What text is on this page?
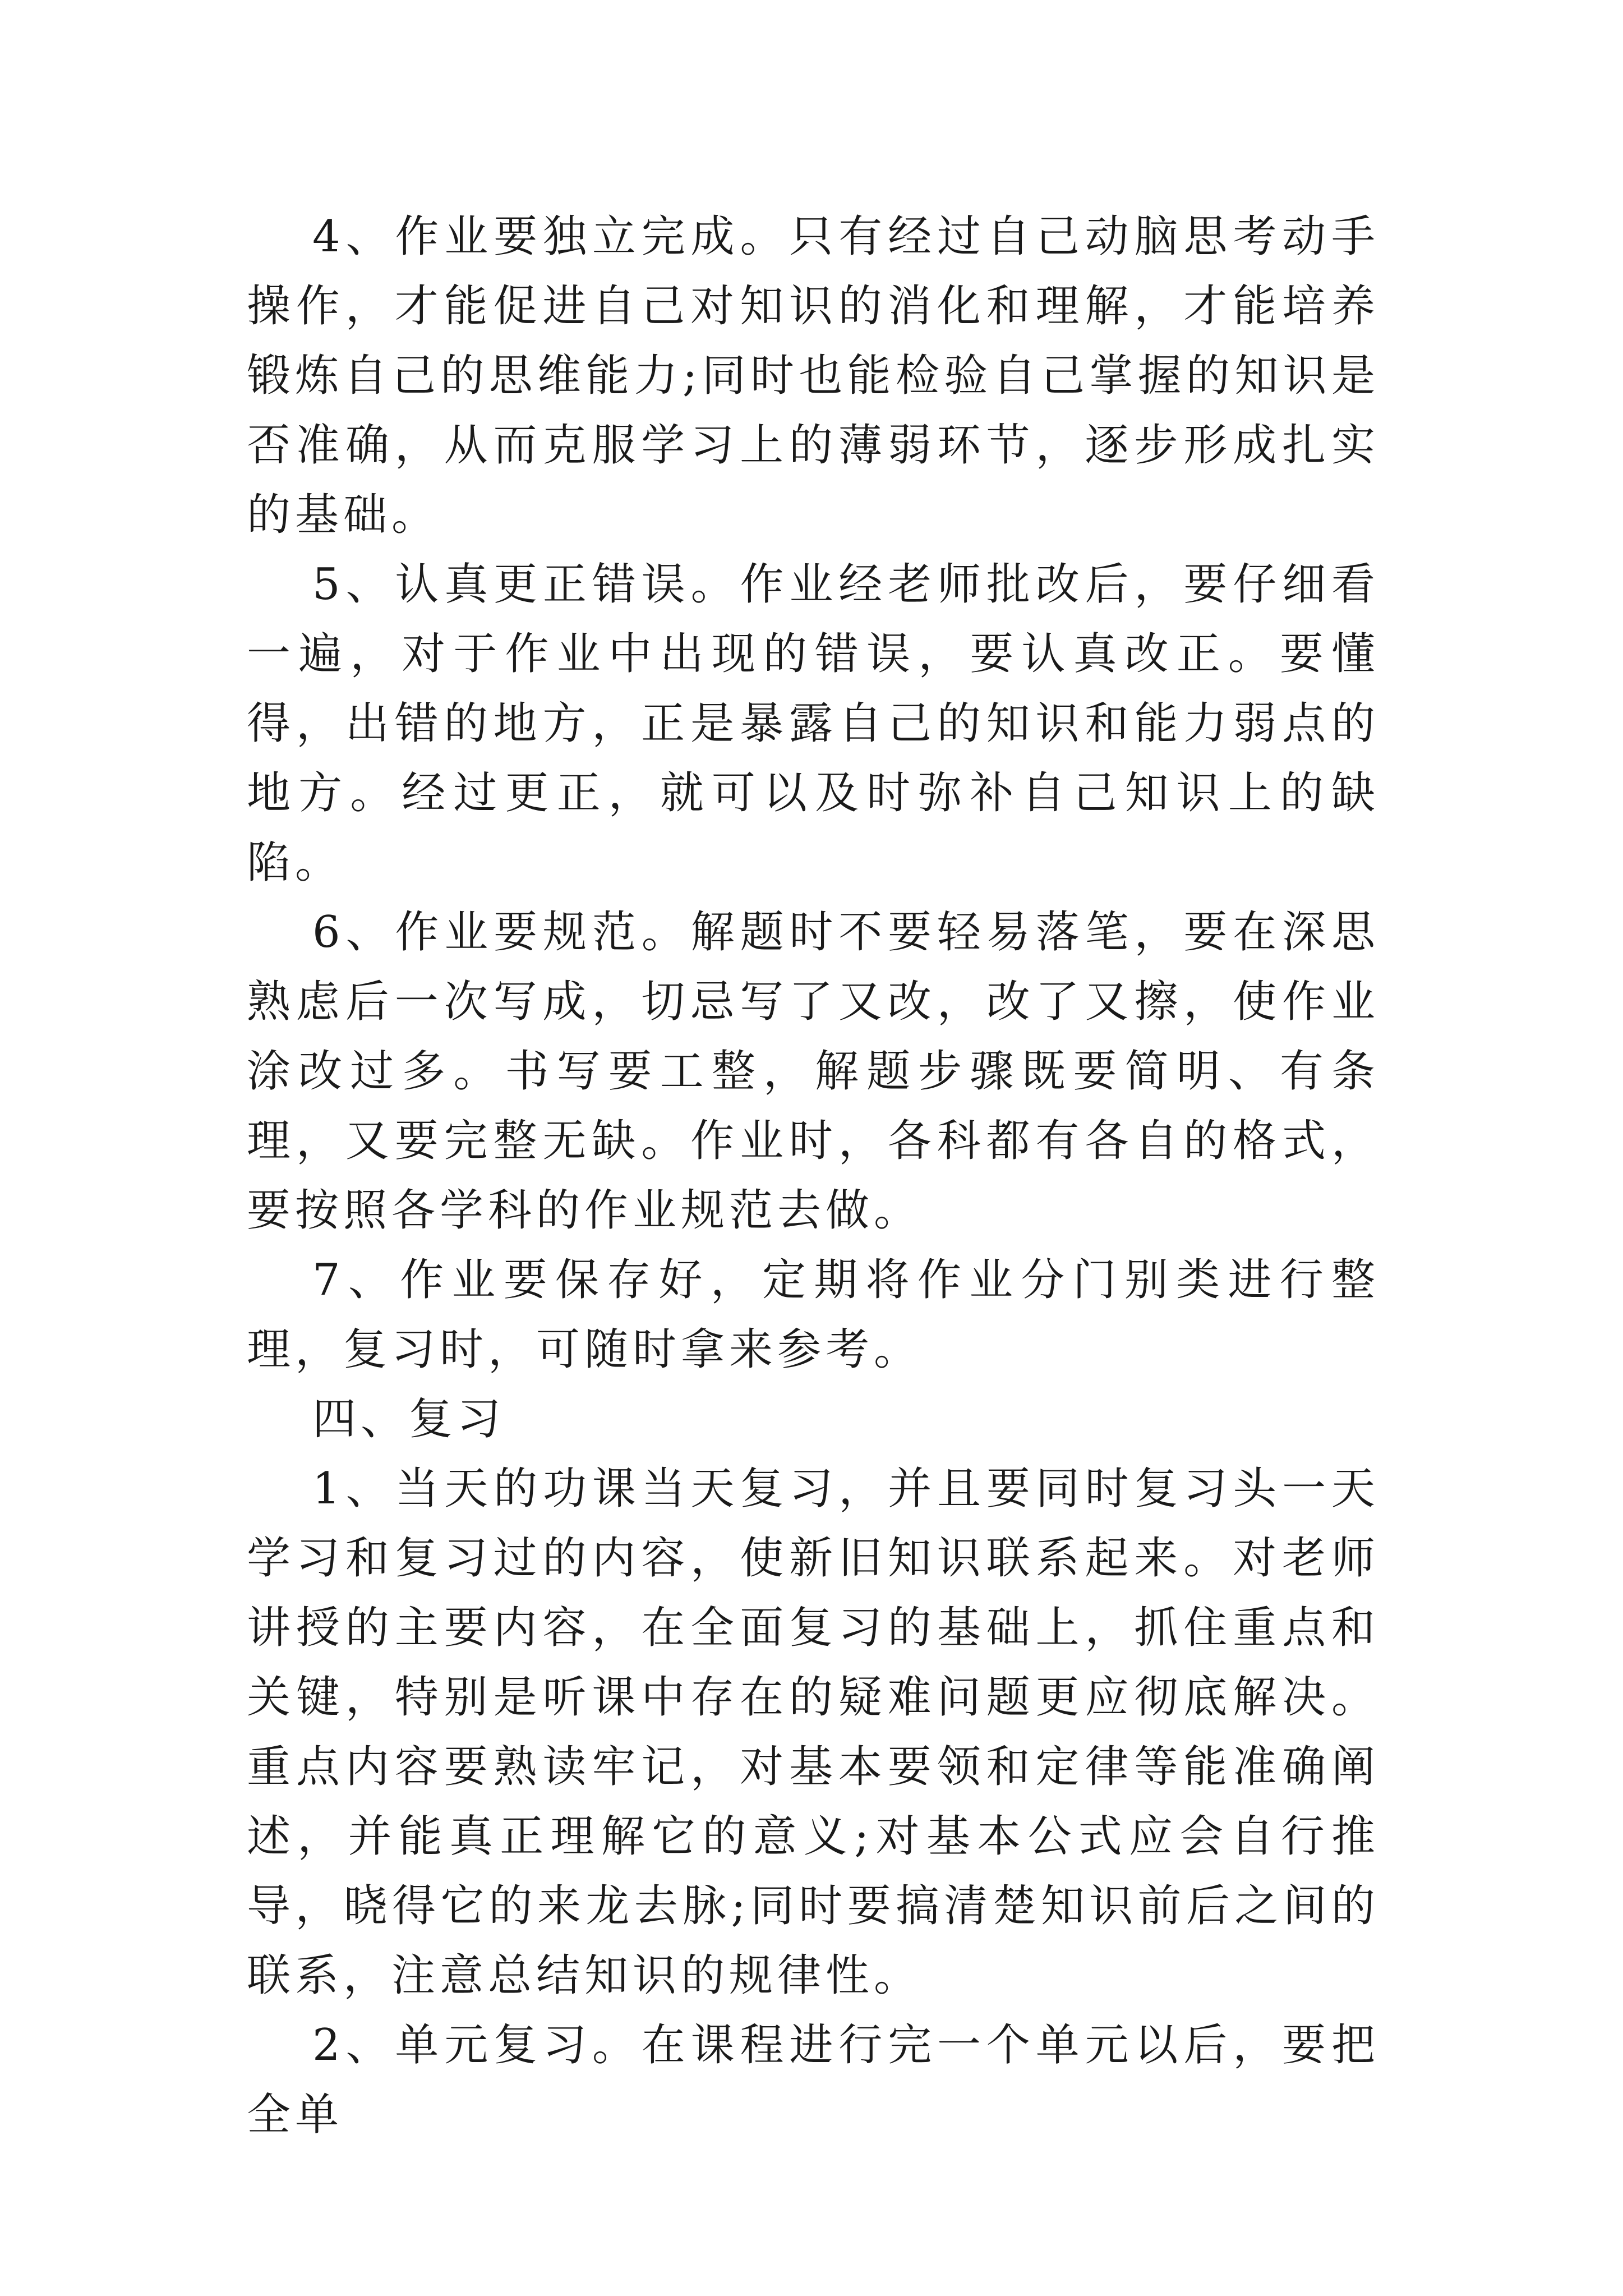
4、作业要独立完成。只有经过自己动脑思考动手操作，才能促进自己对知识的消化和理解，才能培养锻炼自己的思维能力;同时也能检验自己掌握的知识是否准确，从而克服学习上的薄弱环节，逐步形成扎实的基础。

5、认真更正错误。作业经老师批改后，要仔细看一遍，对于作业中出现的错误，要认真改正。要懂得，出错的地方，正是暴露自己的知识和能力弱点的地方。经过更正，就可以及时弥补自己知识上的缺陷。

6、作业要规范。解题时不要轻易落笔，要在深思熟虑后一次写成，切忌写了又改，改了又擦，使作业涂改过多。书写要工整，解题步骤既要简明、有条理，又要完整无缺。作业时，各科都有各自的格式，要按照各学科的作业规范去做。

7、作业要保存好，定期将作业分门别类进行整理，复习时，可随时拿来参考。

四、复习

1、当天的功课当天复习，并且要同时复习头一天学习和复习过的内容，使新旧知识联系起来。对老师讲授的主要内容，在全面复习的基础上，抓住重点和关键，特别是听课中存在的疑难问题更应彻底解决。重点内容要熟读牢记，对基本要领和定律等能准确阐述，并能真正理解它的意义;对基本公式应会自行推导，晓得它的来龙去脉;同时要搞清楚知识前后之间的联系，注意总结知识的规律性。

2、单元复习。在课程进行完一个单元以后，要把全单
